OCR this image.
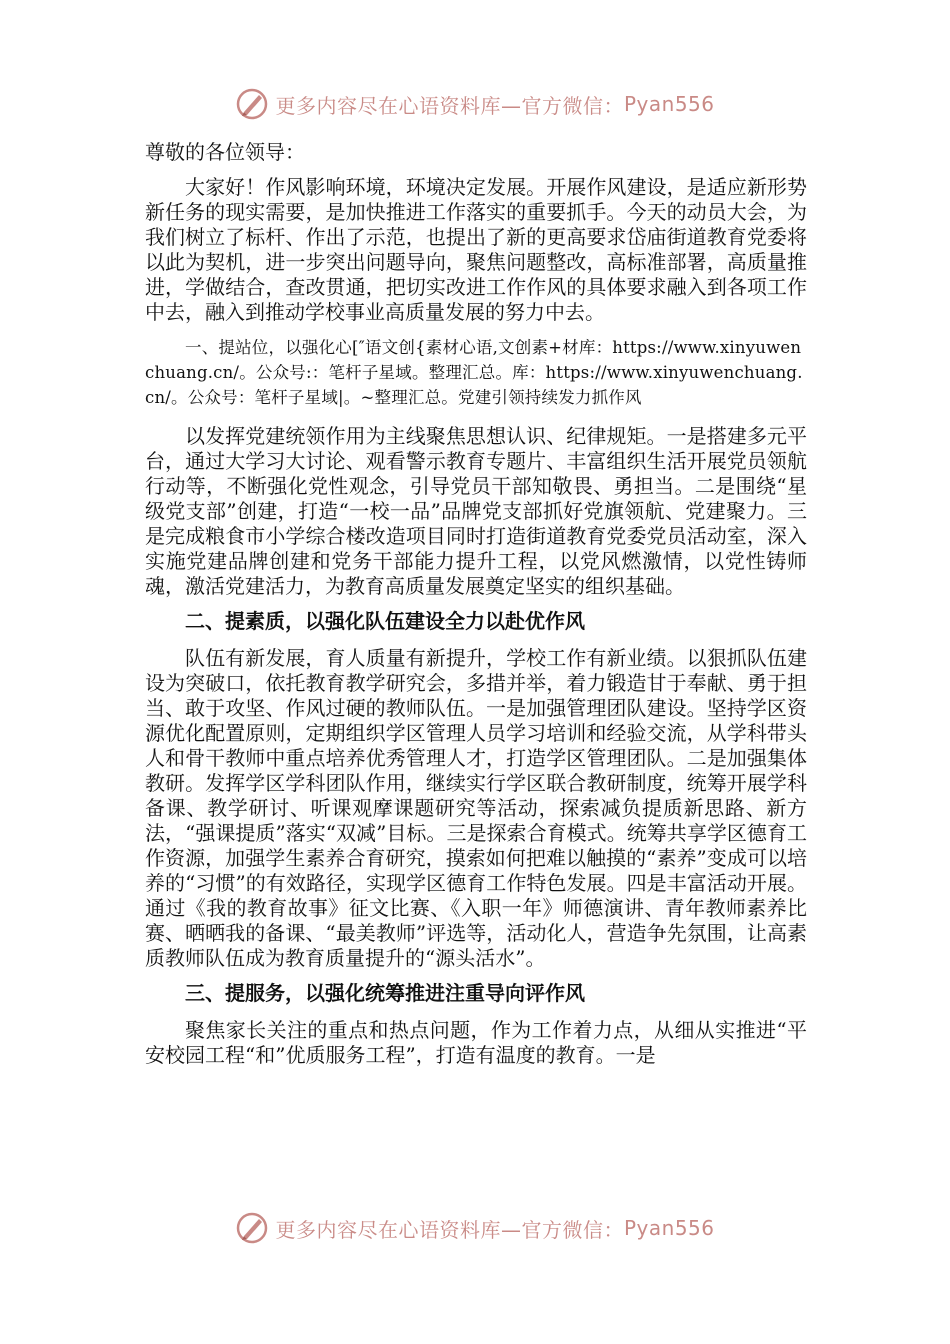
更多内容尽在心语资料库—官方微信： Pyan556

尊敬的各位领导：

大家好！作风影响环境，环境决定发展。开展作风建设，是适应新形势新任务的现实需要，是加快推进工作落实的重要抓手。今天的动员大会，为我们树立了标杆、作出了示范，也提出了新的更高要求岱庙街道教育党委将以此为契机，进一步突出问题导向，聚焦问题整改，高标准部署，高质量推进，学做结合，查改贯通，把切实改进工作作风的具体要求融入到各项工作中去，融入到推动学校事业高质量发展的努力中去。

一、提站位，以强化心[″语文创{素材心语,文创素+材库：https://www.xinyuwenchuang.cn/。公众号:：笔杆子星域。整理汇总。库：https://www.xinyuwenchuang.cn/。公众号：笔杆子星域|。~整理汇总。党建引领持续发力抓作风

以发挥党建统领作用为主线聚焦思想认识、纪律规矩。一是搭建多元平台，通过大学习大讨论、观看警示教育专题片、丰富组织生活开展党员领航行动等，不断强化党性观念，引导党员干部知敬畏、勇担当。二是围绕“星级党支部”创建，打造“一校一品”品牌党支部抓好党旗领航、党建聚力。三是完成粮食市小学综合楼改造项目同时打造街道教育党委党员活动室，深入实施党建品牌创建和党务干部能力提升工程，以党风燃激情，以党性铸师魂，激活党建活力，为教育高质量发展奠定坚实的组织基础。

二、提素质，以强化队伍建设全力以赴优作风

队伍有新发展，育人质量有新提升，学校工作有新业绩。以狠抓队伍建设为突破口，依托教育教学研究会，多措并举，着力锻造甘于奉献、勇于担当、敢于攻坚、作风过硬的教师队伍。一是加强管理团队建设。坚持学区资源优化配置原则，定期组织学区管理人员学习培训和经验交流，从学科带头人和骨干教师中重点培养优秀管理人才，打造学区管理团队。二是加强集体教研。发挥学区学科团队作用，继续实行学区联合教研制度，统筹开展学科备课、教学研讨、听课观摩课题研究等活动，探索减负提质新思路、新方法，“强课提质”落实“双减”目标。三是探索合育模式。统筹共享学区德育工作资源，加强学生素养合育研究，摸索如何把难以触摸的“素养”变成可以培养的“习惯”的有效路径，实现学区德育工作特色发展。四是丰富活动开展。通过《我的教育故事》征文比赛、《入职一年》师德演讲、青年教师素养比赛、晒晒我的备课、“最美教师”评选等，活动化人，营造争先氛围，让高素质教师队伍成为教育质量提升的“源头活水”。

三、提服务，以强化统筹推进注重导向评作风

聚焦家长关注的重点和热点问题，作为工作着力点，从细从实推进“平安校园工程“和”优质服务工程”，打造有温度的教育。一是

更多内容尽在心语资料库—官方微信： Pyan556
